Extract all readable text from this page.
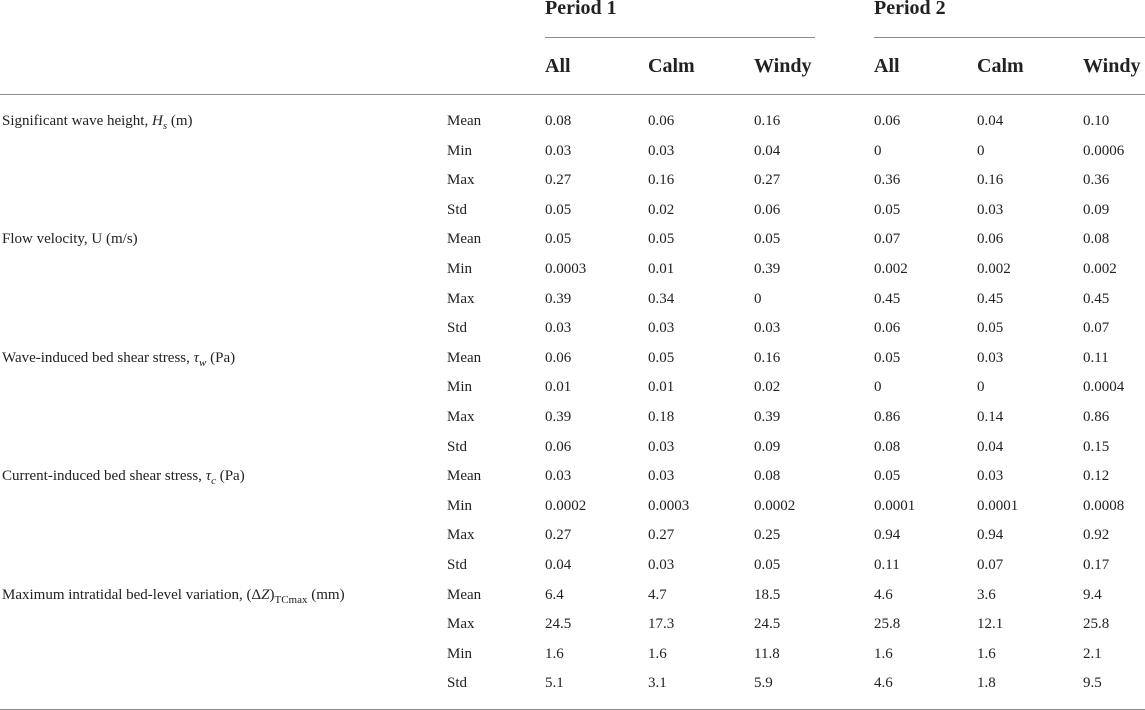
Period 1	Period 2
All	Calm	Windy	All	Calm	Windy
Significant wave height, $H_s$ (m)	Mean	0.08	0.06	0.16	0.06	0.04	0.10
Min	0.03	0.03	0.04	0	0	0.0006
Max	0.27	0.16	0.27	0.36	0.16	0.36
Std	0.05	0.02	0.06	0.05	0.03	0.09
Flow velocity, U (m/s)	Mean	0.05	0.05	0.05	0.07	0.06	0.08
Min	0.0003	0.01	0.39	0.002	0.002	0.002
Max	0.39	0.34	0	0.45	0.45	0.45
Std	0.03	0.03	0.03	0.06	0.05	0.07
Wave-induced bed shear stress, $\tau_w$ (Pa)	Mean	0.06	0.05	0.16	0.05	0.03	0.11
Min	0.01	0.01	0.02	0	0	0.0004
Max	0.39	0.18	0.39	0.86	0.14	0.86
Std	0.06	0.03	0.09	0.08	0.04	0.15
Current-induced bed shear stress, $\tau_c$ (Pa)	Mean	0.03	0.03	0.08	0.05	0.03	0.12
Min	0.0002	0.0003	0.0002	0.0001	0.0001	0.0008
Max	0.27	0.27	0.25	0.94	0.94	0.92
Std	0.04	0.03	0.05	0.11	0.07	0.17
Maximum intratidal bed-level variation, $(\Delta Z)_{TCmax}$ (mm)	Mean	6.4	4.7	18.5	4.6	3.6	9.4
Max	24.5	17.3	24.5	25.8	12.1	25.8
Min	1.6	1.6	11.8	1.6	1.6	2.1
Std	5.1	3.1	5.9	4.6	1.8	9.5
